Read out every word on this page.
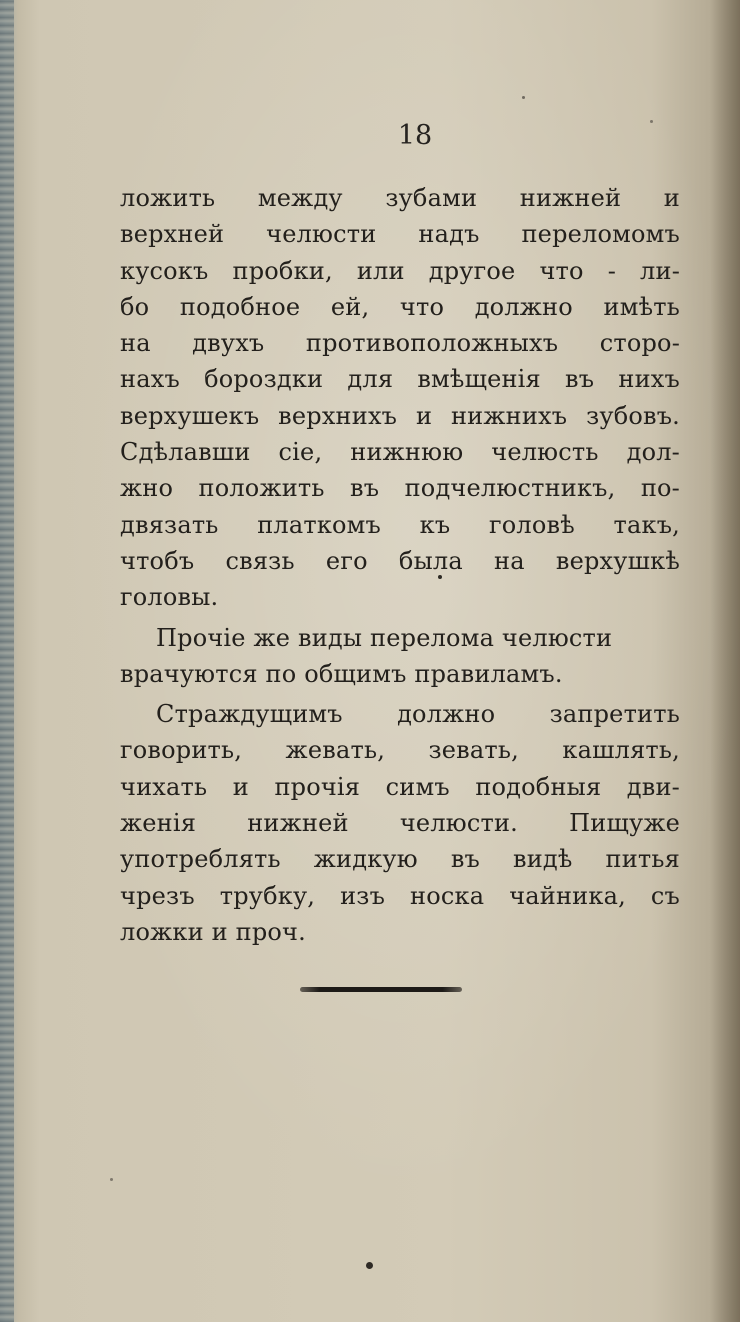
18
ложить между зубами нижней и
верхней челюсти надъ переломомъ
кусокъ пробки, или другое что - ли-
бо подобное ей, что должно имѣть
на двухъ противоположныхъ сторо-
нахъ бороздки для вмѣщенія въ нихъ
верхушекъ верхнихъ и нижнихъ зубовъ.
Сдѣлавши сіе, нижнюю челюсть дол-
жно положить въ подчелюстникъ, по-
двязать платкомъ къ головѣ такъ,
чтобъ связь его была на верхушкѣ
головы.
Прочіе же виды перелома челюсти
врачуются по общимъ правиламъ.
Страждущимъ должно запретить
говорить, жевать, зевать, кашлять,
чихать и прочія симъ подобныя дви-
женія нижней челюсти. Пищуже
употреблять жидкую въ видѣ питья
чрезъ трубку, изъ носка чайника, съ
ложки и проч.
